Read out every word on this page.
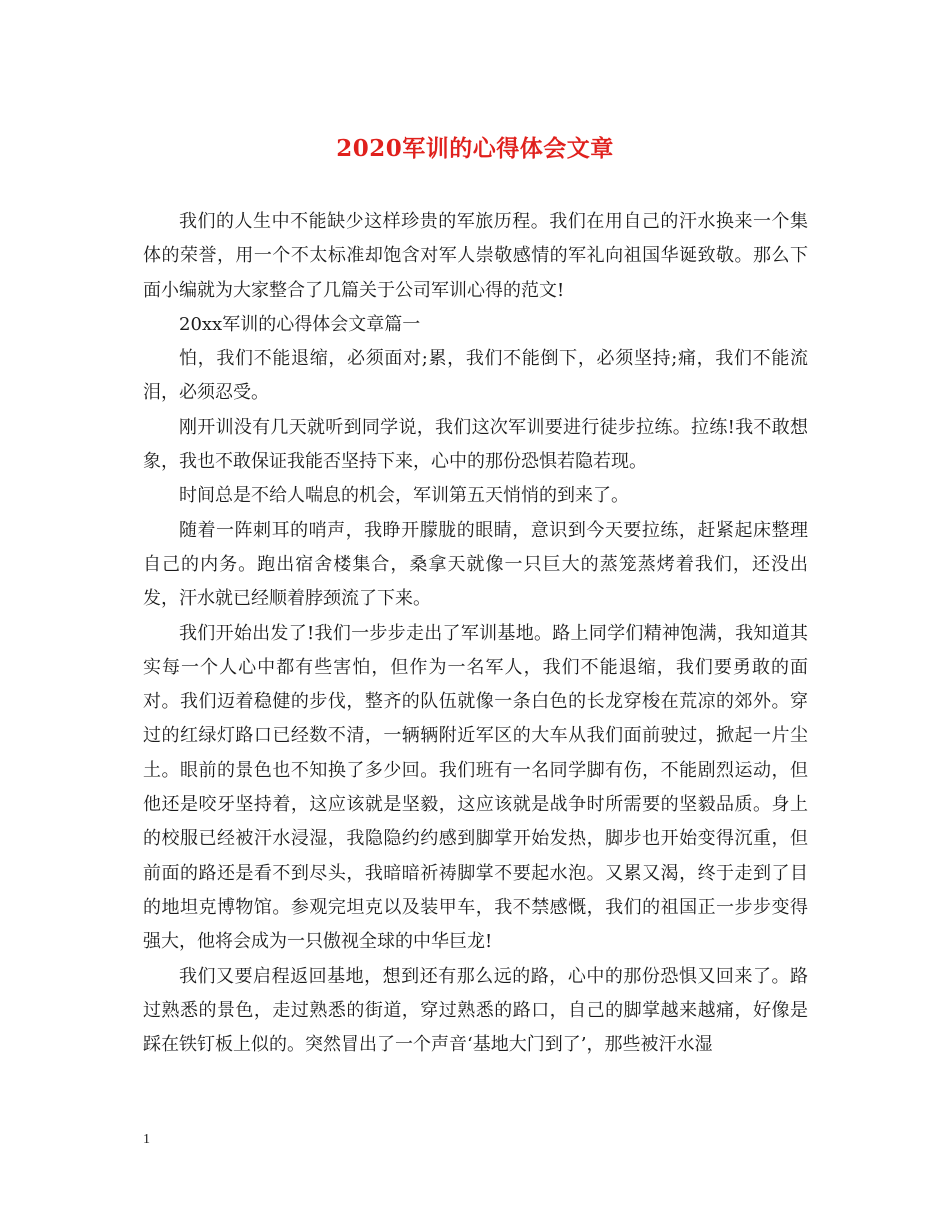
2020军训的心得体会文章

我们的人生中不能缺少这样珍贵的军旅历程。我们在用自己的汗水换来一个集体的荣誉，用一个不太标准却饱含对军人崇敬感情的军礼向祖国华诞致敬。那么下面小编就为大家整合了几篇关于公司军训心得的范文!

20xx军训的心得体会文章篇一

怕，我们不能退缩，必须面对;累，我们不能倒下，必须坚持;痛，我们不能流泪，必须忍受。

刚开训没有几天就听到同学说，我们这次军训要进行徒步拉练。拉练!我不敢想象，我也不敢保证我能否坚持下来，心中的那份恐惧若隐若现。

时间总是不给人喘息的机会，军训第五天悄悄的到来了。

随着一阵刺耳的哨声，我睁开朦胧的眼睛，意识到今天要拉练，赶紧起床整理自己的内务。跑出宿舍楼集合，桑拿天就像一只巨大的蒸笼蒸烤着我们，还没出发，汗水就已经顺着脖颈流了下来。

我们开始出发了!我们一步步走出了军训基地。路上同学们精神饱满，我知道其实每一个人心中都有些害怕，但作为一名军人，我们不能退缩，我们要勇敢的面对。我们迈着稳健的步伐，整齐的队伍就像一条白色的长龙穿梭在荒凉的郊外。穿过的红绿灯路口已经数不清，一辆辆附近军区的大车从我们面前驶过，掀起一片尘土。眼前的景色也不知换了多少回。我们班有一名同学脚有伤，不能剧烈运动，但他还是咬牙坚持着，这应该就是坚毅，这应该就是战争时所需要的坚毅品质。身上的校服已经被汗水浸湿，我隐隐约约感到脚掌开始发热，脚步也开始变得沉重，但前面的路还是看不到尽头，我暗暗祈祷脚掌不要起水泡。又累又渴，终于走到了目的地坦克博物馆。参观完坦克以及装甲车，我不禁感慨，我们的祖国正一步步变得强大，他将会成为一只傲视全球的中华巨龙!

我们又要启程返回基地，想到还有那么远的路，心中的那份恐惧又回来了。路过熟悉的景色，走过熟悉的街道，穿过熟悉的路口，自己的脚掌越来越痛，好像是踩在铁钉板上似的。突然冒出了一个声音‘基地大门到了’，那些被汗水湿

1
